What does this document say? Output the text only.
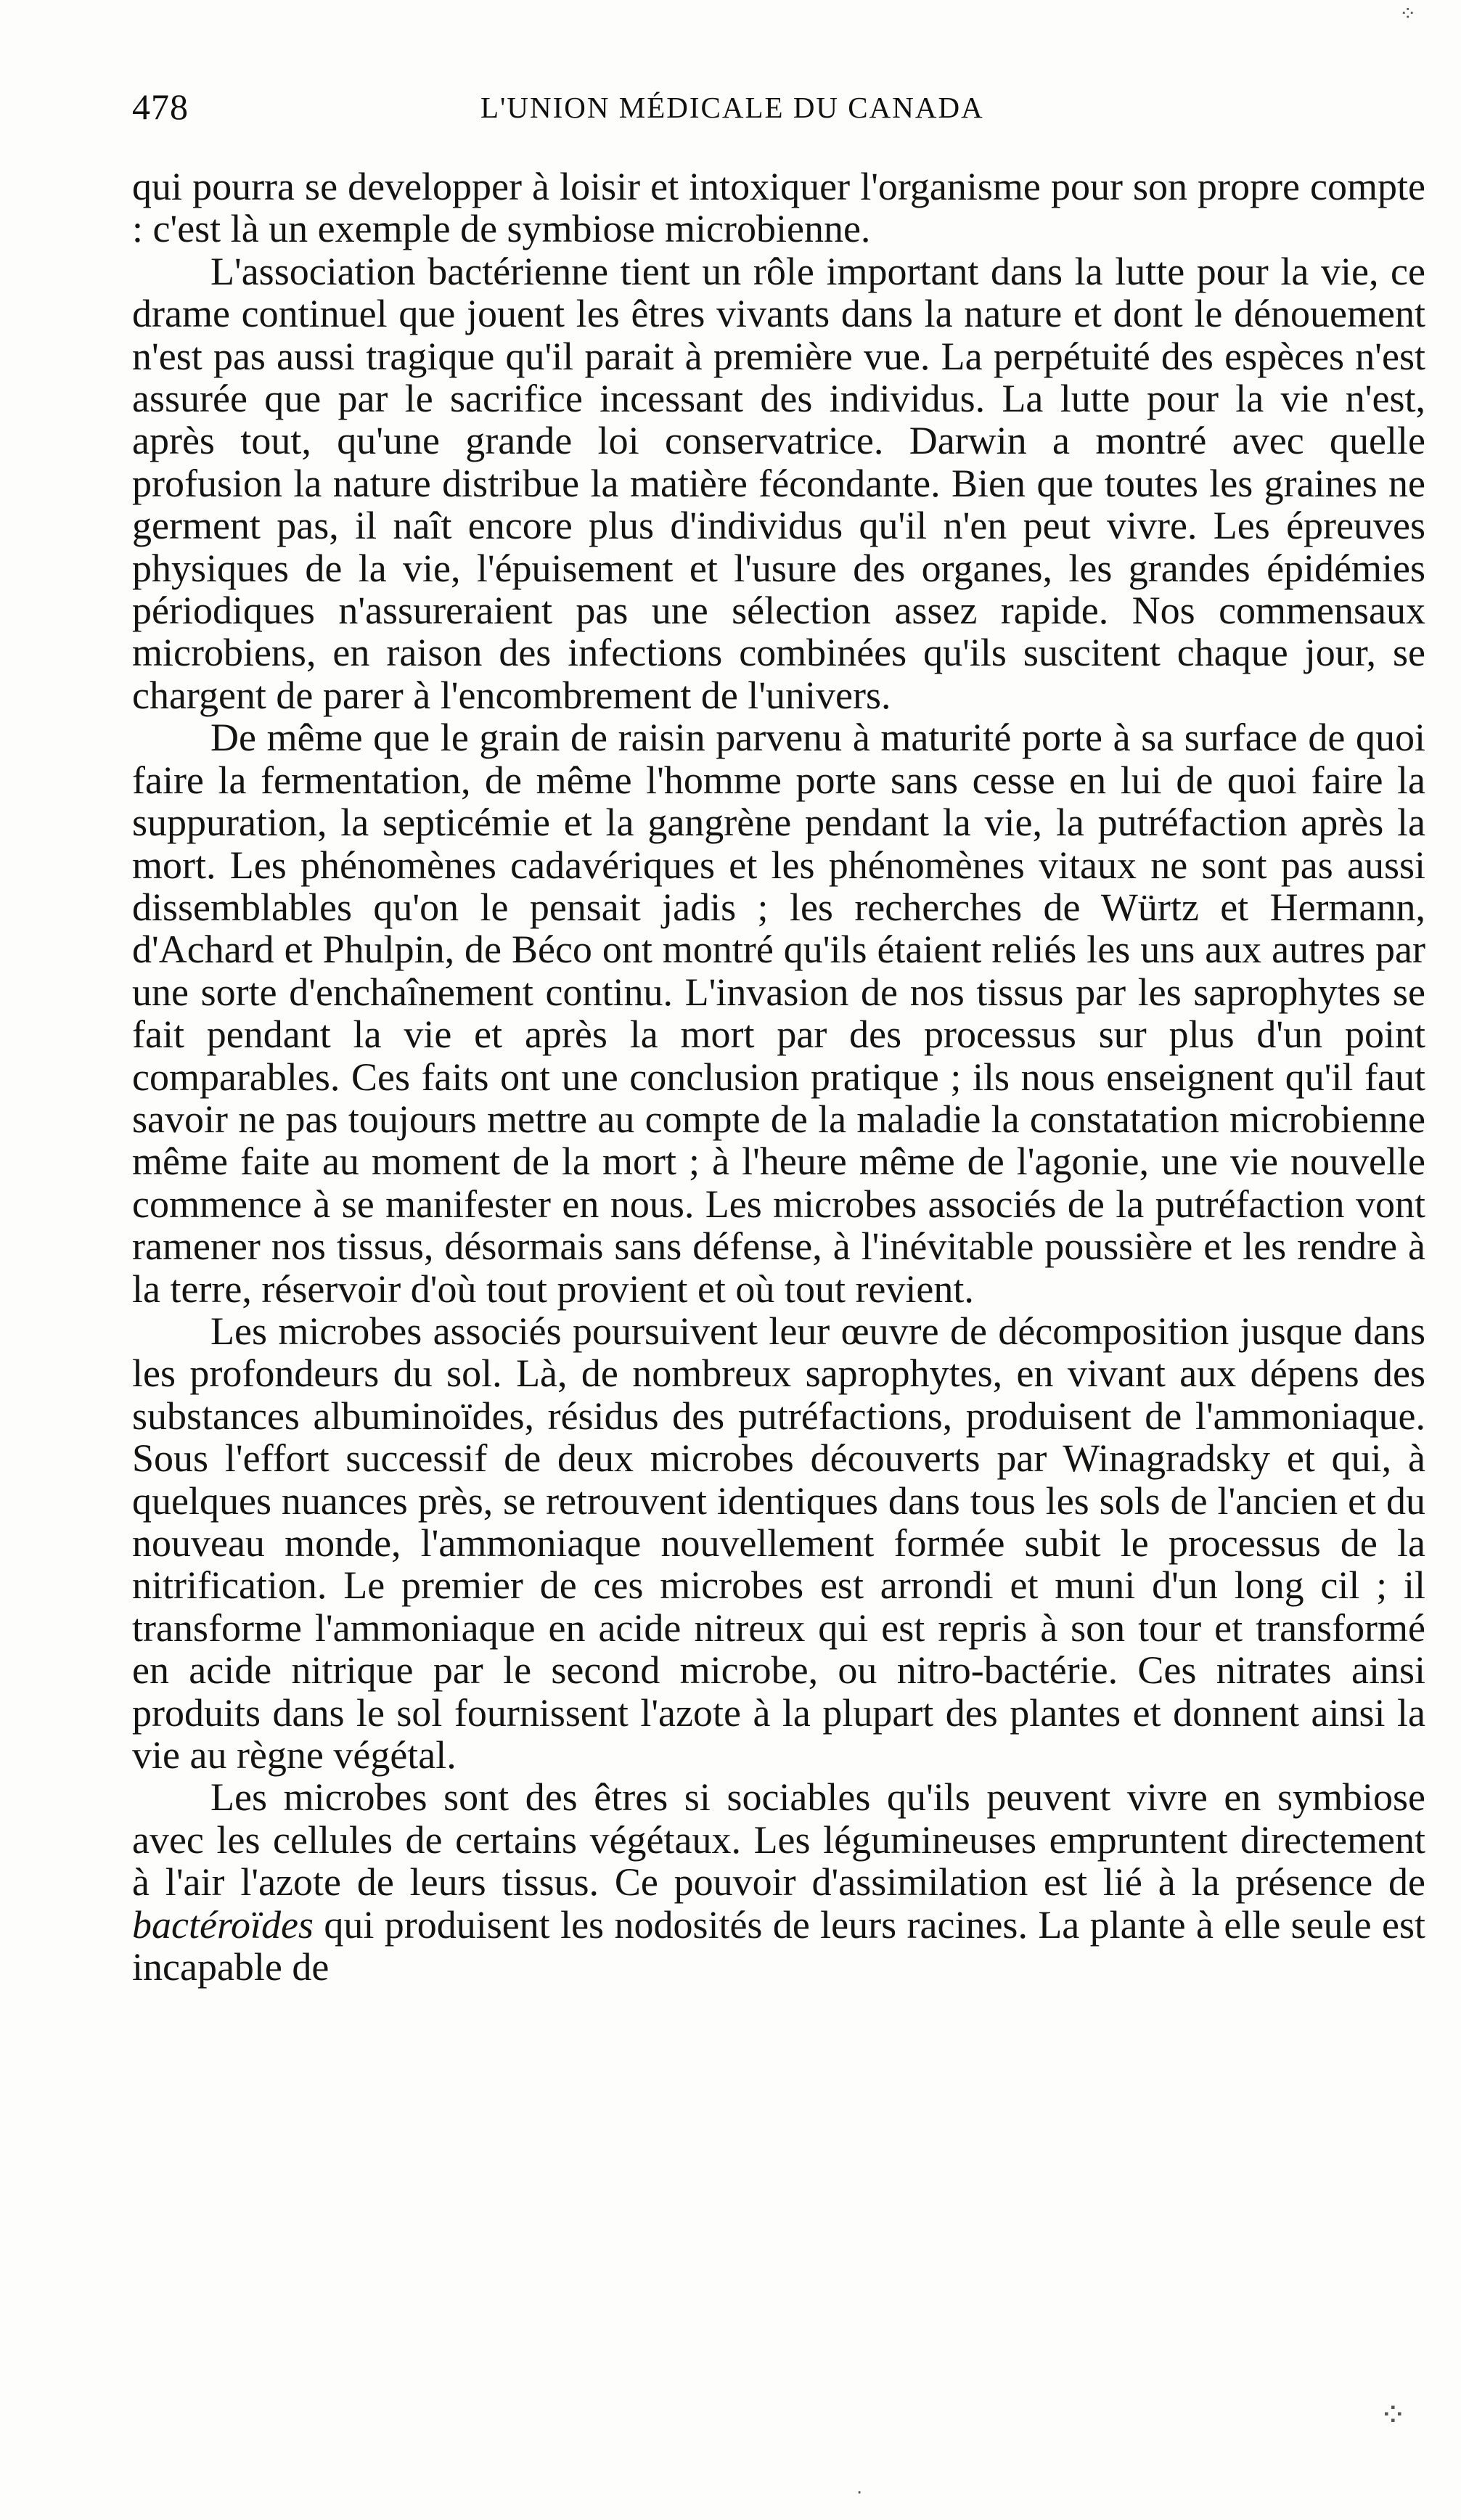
478	L'UNION MÉDICALE DU CANADA

qui pourra se developper à loisir et intoxiquer l'organisme pour son propre compte : c'est là un exemple de symbiose microbienne.

L'association bactérienne tient un rôle important dans la lutte pour la vie, ce drame continuel que jouent les êtres vivants dans la nature et dont le dénouement n'est pas aussi tragique qu'il parait à première vue. La perpétuité des espèces n'est assurée que par le sacrifice incessant des individus. La lutte pour la vie n'est, après tout, qu'une grande loi conservatrice. Darwin a montré avec quelle profusion la nature distribue la matière fécondante. Bien que toutes les graines ne germent pas, il naît encore plus d'individus qu'il n'en peut vivre. Les épreuves physiques de la vie, l'épuisement et l'usure des organes, les grandes épidémies périodiques n'assureraient pas une sélection assez rapide. Nos commensaux microbiens, en raison des infections combinées qu'ils suscitent chaque jour, se chargent de parer à l'encombrement de l'univers.

De même que le grain de raisin parvenu à maturité porte à sa surface de quoi faire la fermentation, de même l'homme porte sans cesse en lui de quoi faire la suppuration, la septicémie et la gangrène pendant la vie, la putréfaction après la mort. Les phénomènes cadavériques et les phénomènes vitaux ne sont pas aussi dissemblables qu'on le pensait jadis ; les recherches de Würtz et Hermann, d'Achard et Phulpin, de Béco ont montré qu'ils étaient reliés les uns aux autres par une sorte d'enchaînement continu. L'invasion de nos tissus par les saprophytes se fait pendant la vie et après la mort par des processus sur plus d'un point comparables. Ces faits ont une conclusion pratique ; ils nous enseignent qu'il faut savoir ne pas toujours mettre au compte de la maladie la constatation microbienne même faite au moment de la mort ; à l'heure même de l'agonie, une vie nouvelle commence à se manifester en nous. Les microbes associés de la putréfaction vont ramener nos tissus, désormais sans défense, à l'inévitable poussière et les rendre à la terre, réservoir d'où tout provient et où tout revient.

Les microbes associés poursuivent leur œuvre de décomposition jusque dans les profondeurs du sol. Là, de nombreux saprophytes, en vivant aux dépens des substances albuminoïdes, résidus des putréfactions, produisent de l'ammoniaque. Sous l'effort successif de deux microbes découverts par Winagradsky et qui, à quelques nuances près, se retrouvent identiques dans tous les sols de l'ancien et du nouveau monde, l'ammoniaque nouvellement formée subit le processus de la nitrification. Le premier de ces microbes est arrondi et muni d'un long cil ; il transforme l'ammoniaque en acide nitreux qui est repris à son tour et transformé en acide nitrique par le second microbe, ou nitro-bactérie. Ces nitrates ainsi produits dans le sol fournissent l'azote à la plupart des plantes et donnent ainsi la vie au règne végétal.

Les microbes sont des êtres si sociables qu'ils peuvent vivre en symbiose avec les cellules de certains végétaux. Les légumineuses empruntent directement à l'air l'azote de leurs tissus. Ce pouvoir d'assimilation est lié à la présence de bactéroïdes qui produisent les nodosités de leurs racines. La plante à elle seule est incapable de

⁘
⁘
·
